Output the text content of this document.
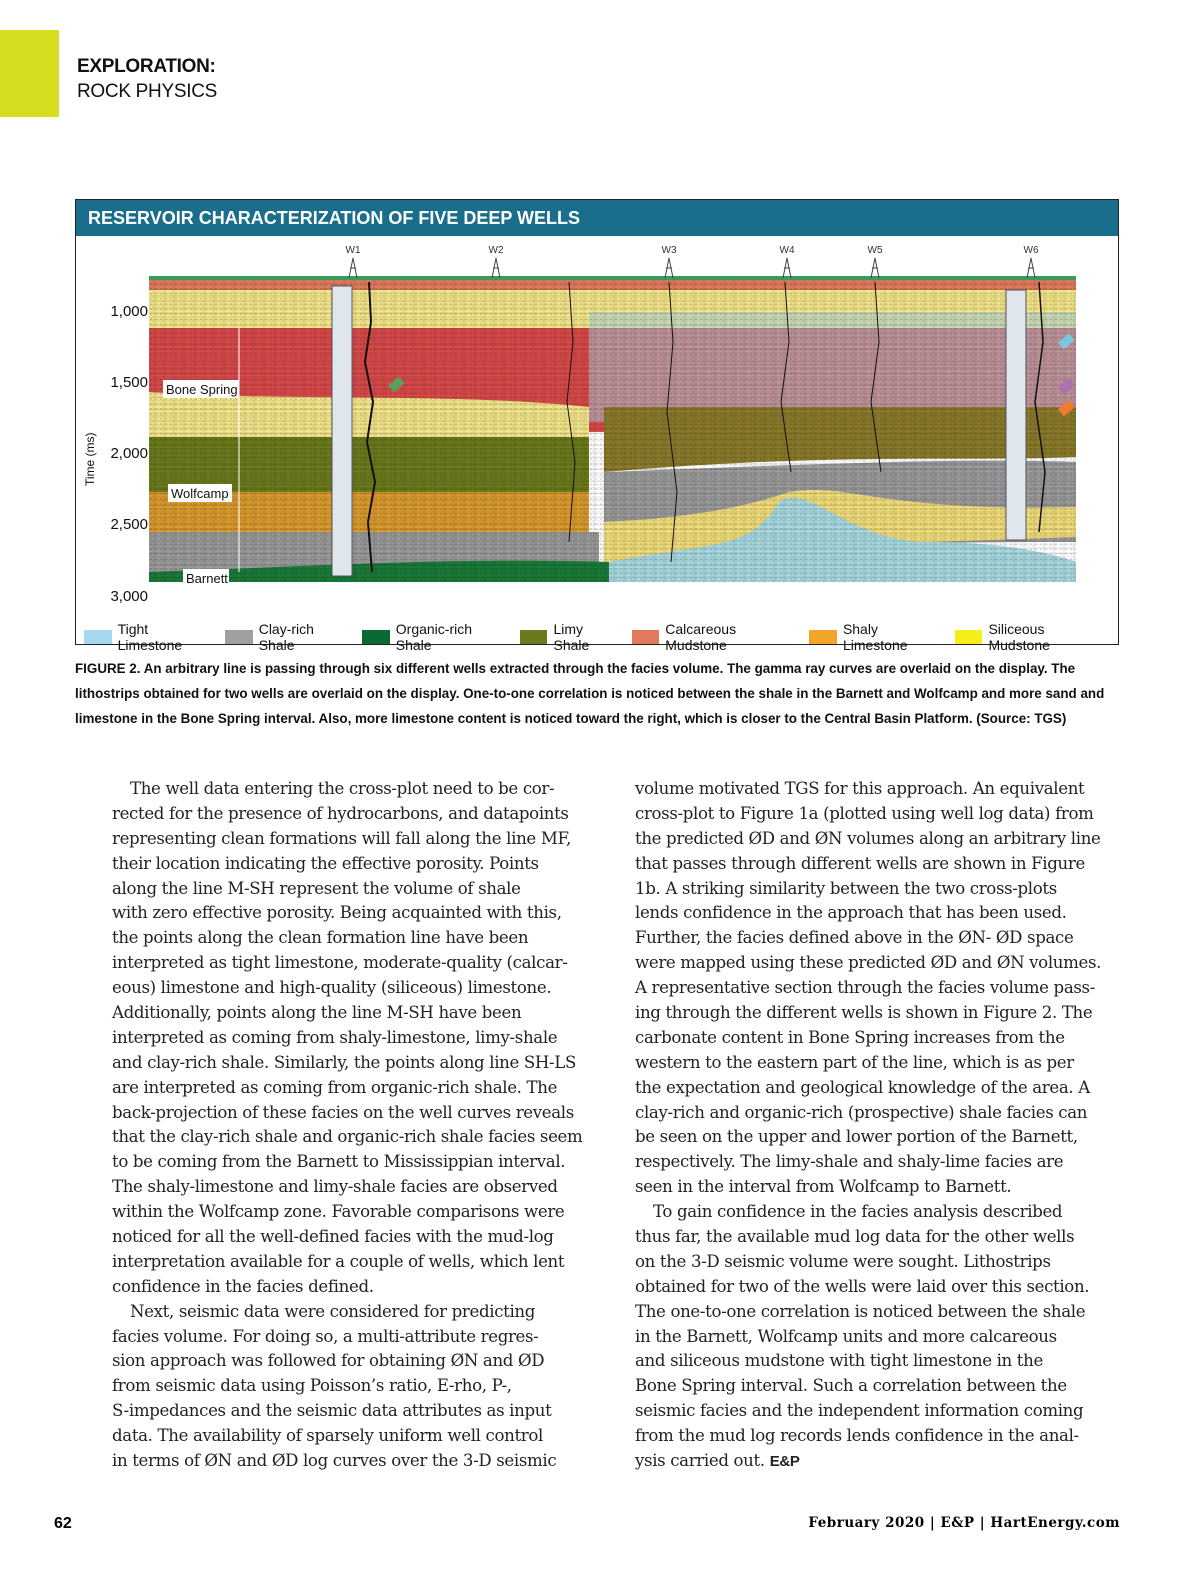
EXPLORATION:
ROCK PHYSICS
RESERVOIR CHARACTERIZATION OF FIVE DEEP WELLS
W1	W2	W3	W4	W5	W6
1,000
1,500
2,000
2,500
3,000
Time (ms)
Bone Spring
Wolfcamp
Barnett
Tight Limestone
Clay-rich Shale
Organic-rich Shale
Limy Shale
Calcareous Mudstone
Shaly Limestone
Siliceous Mudstone
FIGURE 2. An arbitrary line is passing through six different wells extracted through the facies volume. The gamma ray curves are overlaid on the display. The lithostrips obtained for two wells are overlaid on the display. One-to-one correlation is noticed between the shale in the Barnett and Wolfcamp and more sand and limestone in the Bone Spring interval. Also, more limestone content is noticed toward the right, which is closer to the Central Basin Platform. (Source: TGS)
The well data entering the cross-plot need to be cor-
rected for the presence of hydrocarbons, and datapoints
representing clean formations will fall along the line MF,
their location indicating the effective porosity. Points
along the line M-SH represent the volume of shale
with zero effective porosity. Being acquainted with this,
the points along the clean formation line have been
interpreted as tight limestone, moderate-quality (calcar-
eous) limestone and high-quality (siliceous) limestone.
Additionally, points along the line M-SH have been
interpreted as coming from shaly-limestone, limy-shale
and clay-rich shale. Similarly, the points along line SH-LS
are interpreted as coming from organic-rich shale. The
back-projection of these facies on the well curves reveals
that the clay-rich shale and organic-rich shale facies seem
to be coming from the Barnett to Mississippian interval.
The shaly-limestone and limy-shale facies are observed
within the Wolfcamp zone. Favorable comparisons were
noticed for all the well-defined facies with the mud-log
interpretation available for a couple of wells, which lent
confidence in the facies defined.
Next, seismic data were considered for predicting
facies volume. For doing so, a multi-attribute regres-
sion approach was followed for obtaining ØN and ØD
from seismic data using Poisson’s ratio, E-rho, P-,
S-impedances and the seismic data attributes as input
data. The availability of sparsely uniform well control
in terms of ØN and ØD log curves over the 3-D seismic
volume motivated TGS for this approach. An equivalent
cross-plot to Figure 1a (plotted using well log data) from
the predicted ØD and ØN volumes along an arbitrary line
that passes through different wells are shown in Figure
1b. A striking similarity between the two cross-plots
lends confidence in the approach that has been used.
Further, the facies defined above in the ØN- ØD space
were mapped using these predicted ØD and ØN volumes.
A representative section through the facies volume pass-
ing through the different wells is shown in Figure 2. The
carbonate content in Bone Spring increases from the
western to the eastern part of the line, which is as per
the expectation and geological knowledge of the area. A
clay-rich and organic-rich (prospective) shale facies can
be seen on the upper and lower portion of the Barnett,
respectively. The limy-shale and shaly-lime facies are
seen in the interval from Wolfcamp to Barnett.
To gain confidence in the facies analysis described
thus far, the available mud log data for the other wells
on the 3-D seismic volume were sought. Lithostrips
obtained for two of the wells were laid over this section.
The one-to-one correlation is noticed between the shale
in the Barnett, Wolfcamp units and more calcareous
and siliceous mudstone with tight limestone in the
Bone Spring interval. Such a correlation between the
seismic facies and the independent information coming
from the mud log records lends confidence in the anal-
ysis carried out. E&P
62	February 2020 | E&P | HartEnergy.com
